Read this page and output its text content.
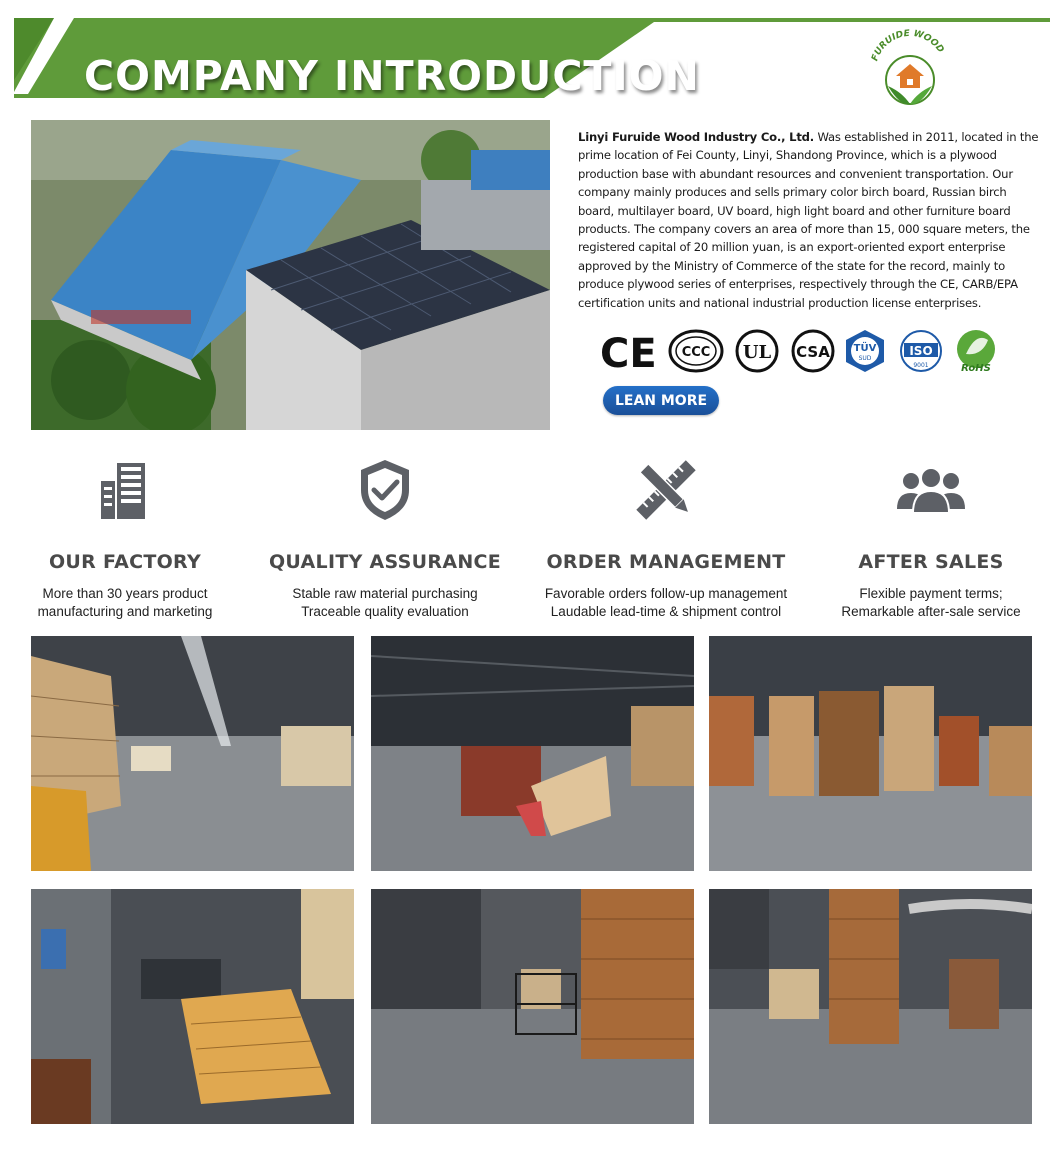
COMPANY INTRODUCTION	FURUIDE WOOD
Linyi Furuide Wood Industry Co., Ltd. Was established in 2011, located in the prime location of Fei County, Linyi, Shandong Province, which is a plywood production base with abundant resources and convenient transportation. Our company mainly produces and sells primary color birch board, Russian birch board, multilayer board, UV board, high light board and other furniture board products. The company covers an area of more than 15, 000 square meters, the registered capital of 20 million yuan, is an export-oriented export enterprise approved by the Ministry of Commerce of the state for the record, mainly to produce plywood series of enterprises, respectively through the CE, CARB/EPA certification units and national industrial production license enterprises.
CE CCC UL CSA TÜV
SUD
ISO
9001	RoHS
LEAN MORE
OUR FACTORY
More than 30 years product
manufacturing and marketing
QUALITY ASSURANCE
Stable raw material purchasing
Traceable quality evaluation
ORDER MANAGEMENT
Favorable orders follow-up management
Laudable lead-time & shipment control
AFTER SALES
Flexible payment terms;
Remarkable after-sale service
